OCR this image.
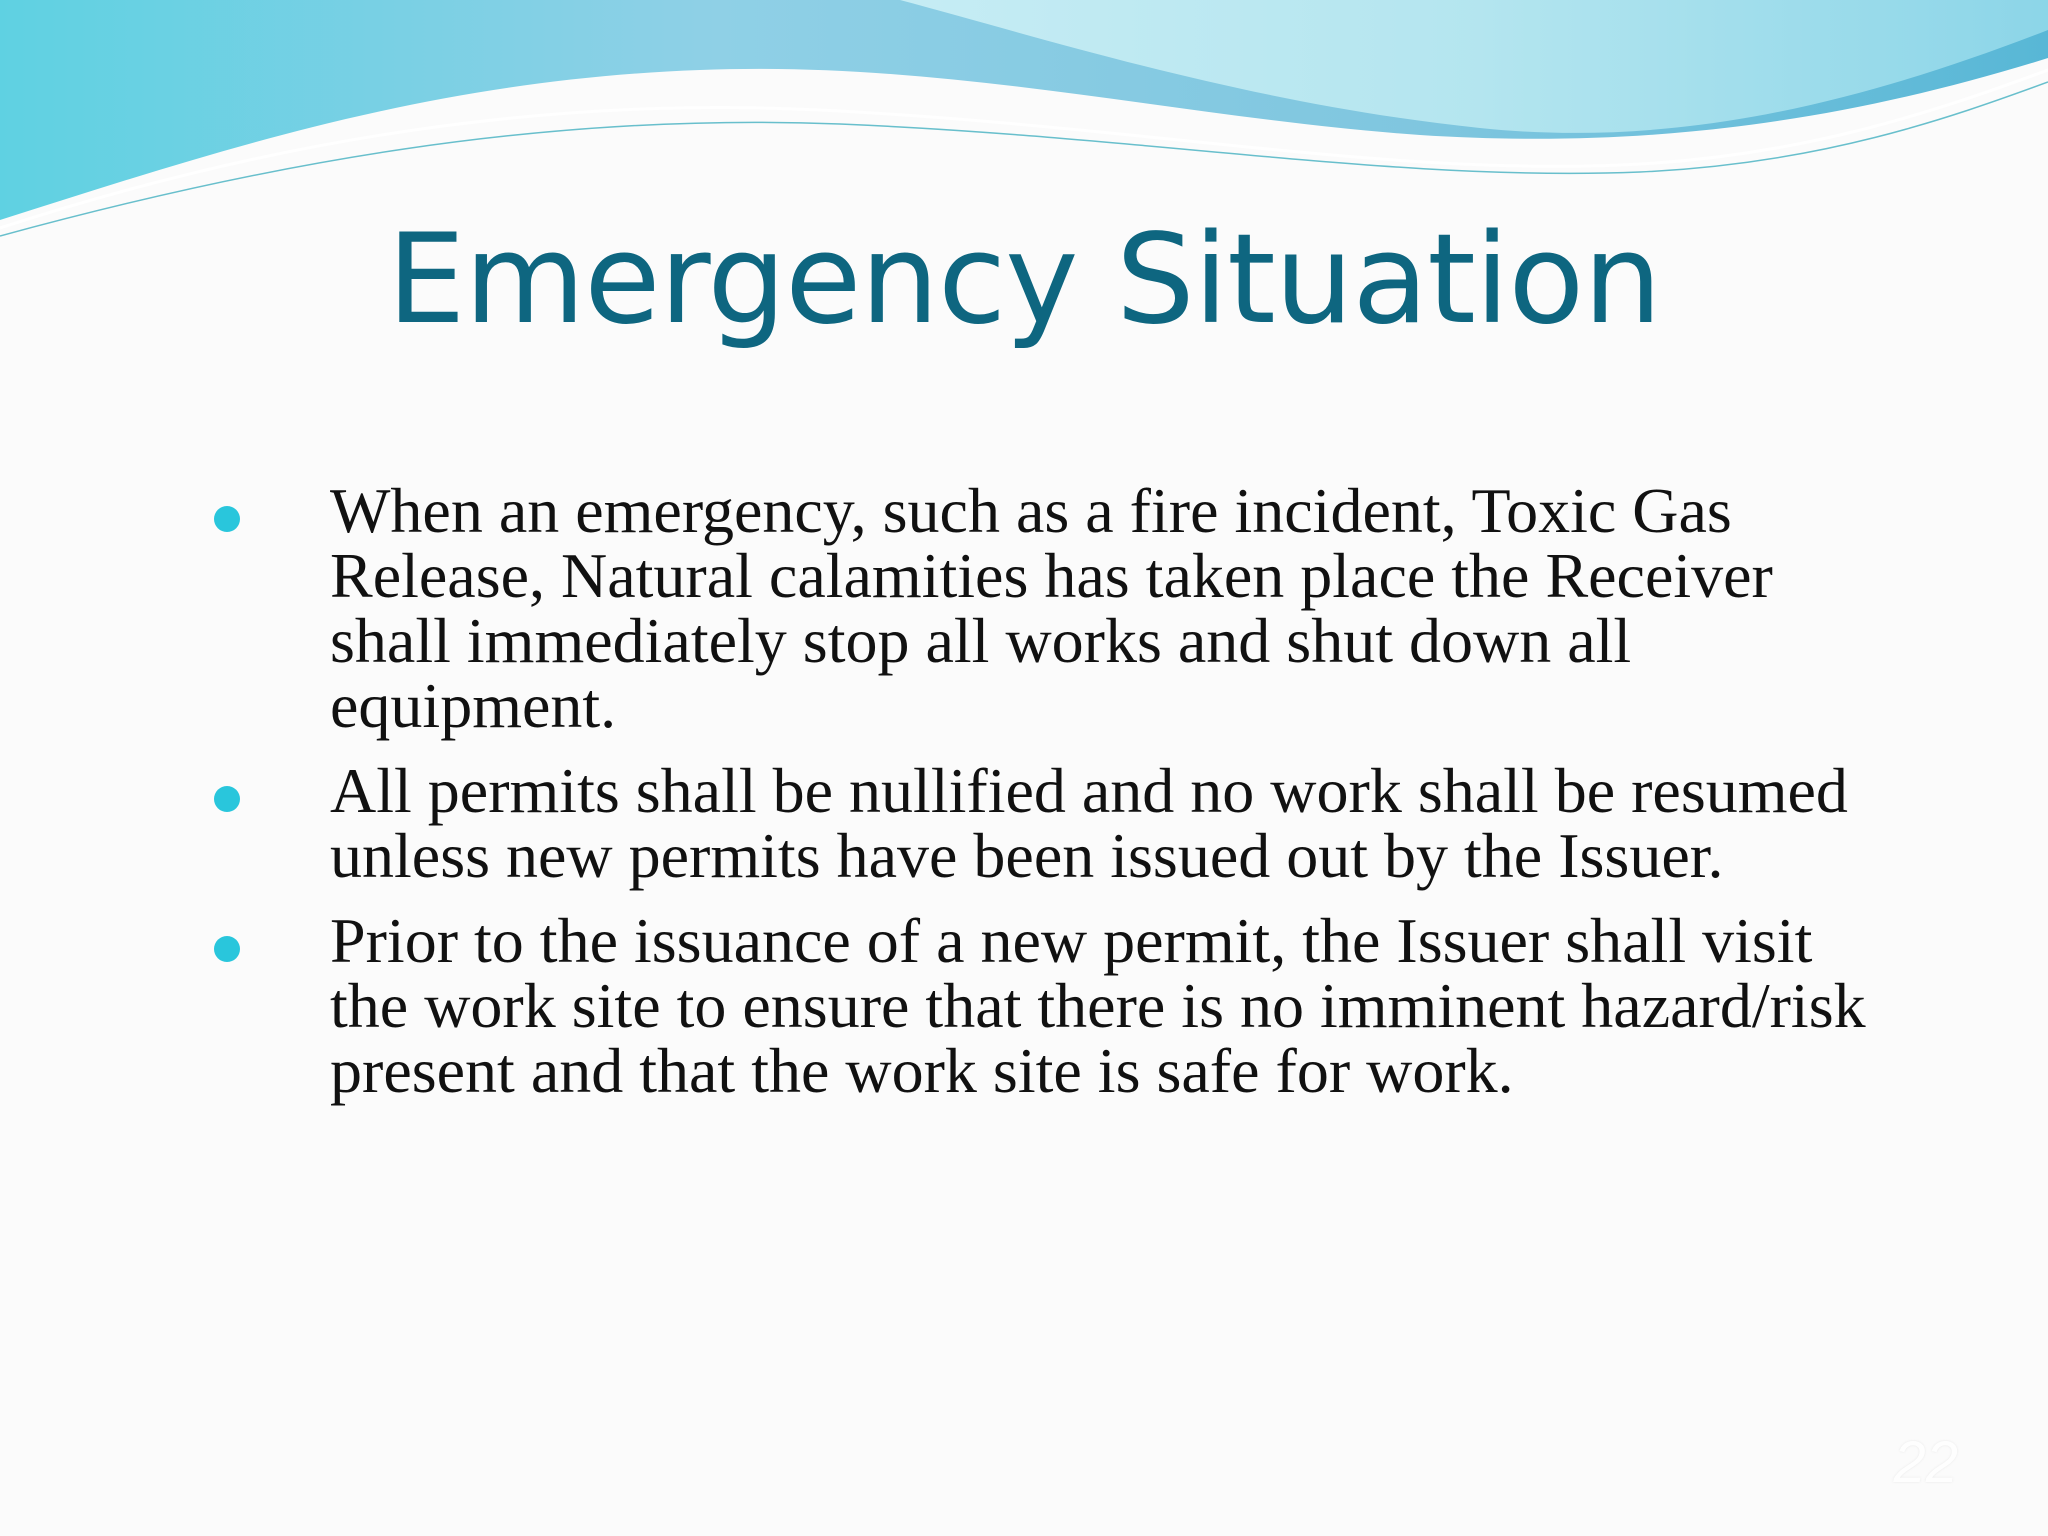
Emergency Situation
When an emergency, such as a fire incident, Toxic Gas Release, Natural calamities has taken place the Receiver shall immediately stop all works and shut down all equipment.
All permits shall be nullified and no work shall be resumed unless new permits have been issued out by the Issuer.
Prior to the issuance of a new permit, the Issuer shall visit the work site to ensure that there is no imminent hazard/risk present and that the work site is safe for work.
22
